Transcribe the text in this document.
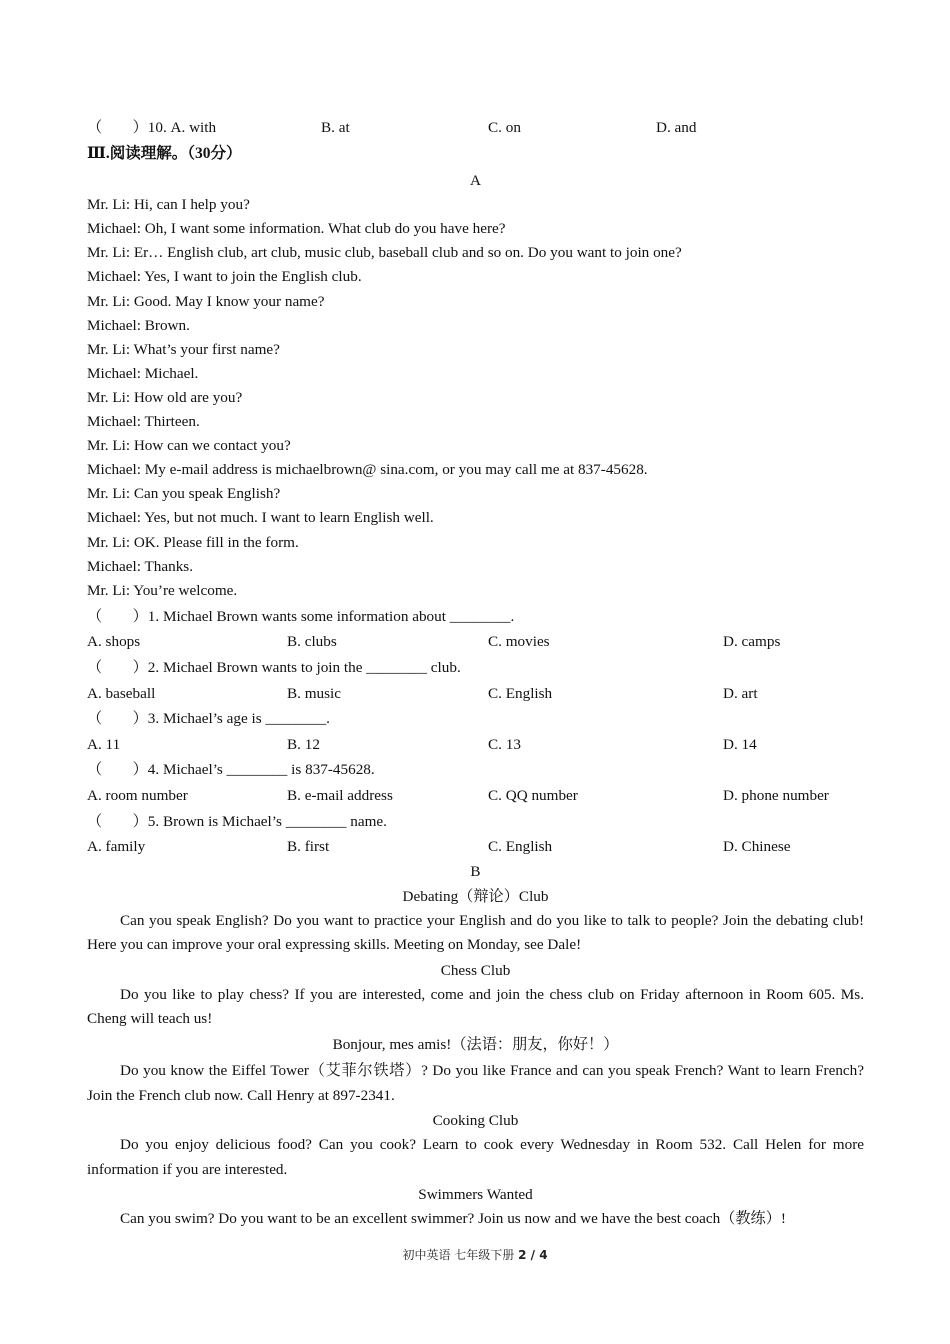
（　　）10. A. with	B. at	C. on	D. and
Ⅲ.阅读理解。（30分）
A
Mr. Li: Hi, can I help you?
Michael: Oh, I want some information. What club do you have here?
Mr. Li: Er… English club, art club, music club, baseball club and so on. Do you want to join one?
Michael: Yes, I want to join the English club.
Mr. Li: Good. May I know your name?
Michael: Brown.
Mr. Li: What’s your first name?
Michael: Michael.
Mr. Li: How old are you?
Michael: Thirteen.
Mr. Li: How can we contact you?
Michael: My e-mail address is michaelbrown@ sina.com, or you may call me at 837-45628.
Mr. Li: Can you speak English?
Michael: Yes, but not much. I want to learn English well.
Mr. Li: OK. Please fill in the form.
Michael: Thanks.
Mr. Li: You’re welcome.
（　　）1. Michael Brown wants some information about ________.
A. shops	B. clubs	C. movies	D. camps
（　　）2. Michael Brown wants to join the ________ club.
A. baseball	B. music	C. English	D. art
（　　）3. Michael’s age is ________.
A. 11	B. 12	C. 13	D. 14
（　　）4. Michael’s ________ is 837-45628.
A. room number	B. e-mail address	C. QQ number	D. phone number
（　　）5. Brown is Michael’s ________ name.
A. family	B. first	C. English	D. Chinese
B
Debating（辩论）Club
Can you speak English? Do you want to practice your English and do you like to talk to people? Join the debating club! Here you can improve your oral expressing skills. Meeting on Monday, see Dale!
Chess Club
Do you like to play chess? If you are interested, come and join the chess club on Friday afternoon in Room 605. Ms. Cheng will teach us!
Bonjour, mes amis!（法语：朋友，你好！）
Do you know the Eiffel Tower（艾菲尔铁塔）? Do you like France and can you speak French? Want to learn French? Join the French club now. Call Henry at 897-2341.
Cooking Club
Do you enjoy delicious food? Can you cook? Learn to cook every Wednesday in Room 532. Call Helen for more information if you are interested.
Swimmers Wanted
Can you swim? Do you want to be an excellent swimmer? Join us now and we have the best coach（教练）!
初中英语 七年级下册 2 / 4
